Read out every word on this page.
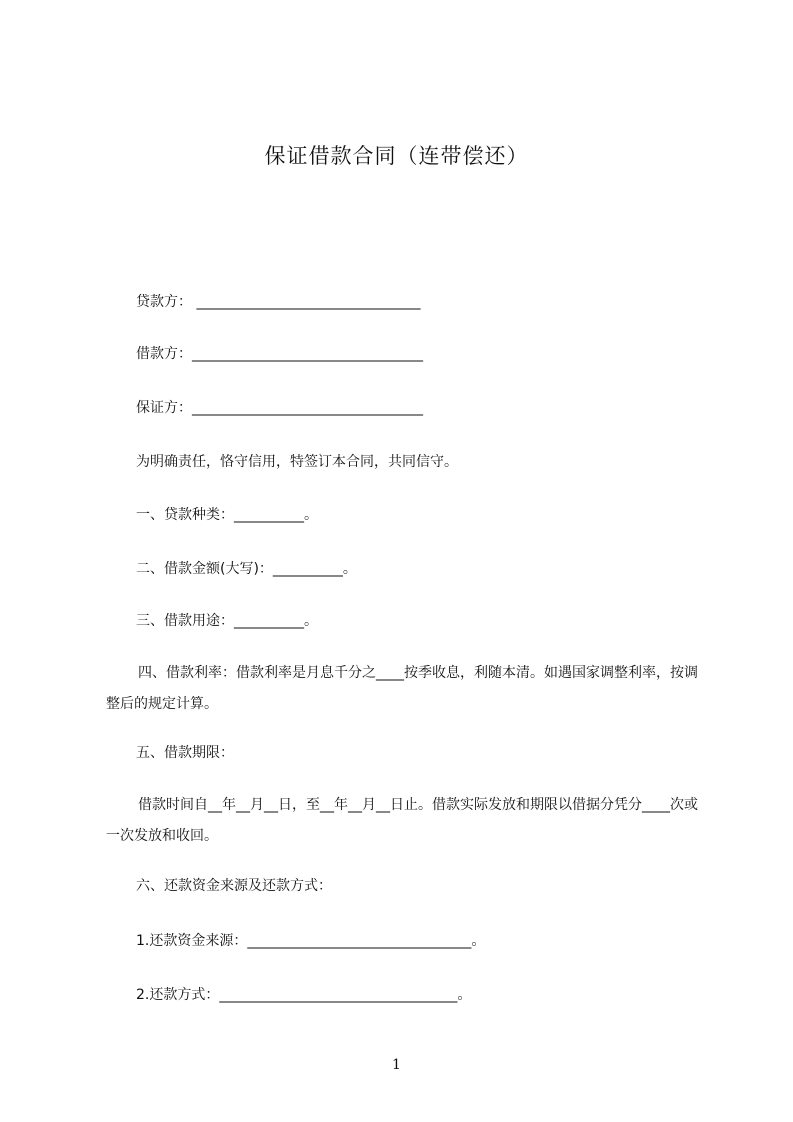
保证借款合同（连带偿还）
贷款方： ________________________________
借款方：_________________________________
保证方：_________________________________
为明确责任，恪守信用，特签订本合同，共同信守。
一、贷款种类：__________。
二、借款金额(大写)：__________。
三、借款用途：__________。
四、借款利率：借款利率是月息千分之____按季收息，利随本清。如遇国家调整利率，按调整后的规定计算。
五、借款期限：
借款时间自__年__月__日，至__年__月__日止。借款实际发放和期限以借据分凭分____次或一次发放和收回。
六、还款资金来源及还款方式：
1.还款资金来源：________________________________。
2.还款方式：__________________________________。
1
